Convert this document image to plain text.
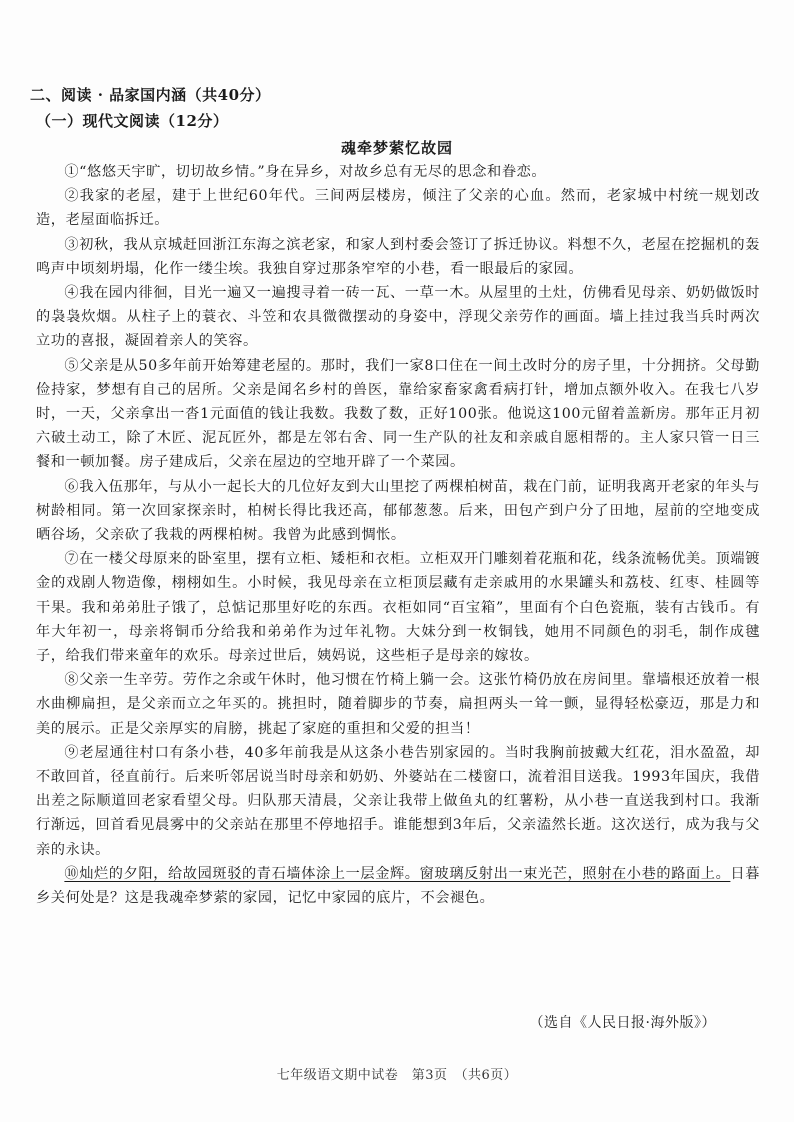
二、阅读 · 品家国内涵（共40分）
（一）现代文阅读（12分）
魂牵梦萦忆故园

①“悠悠天宇旷，切切故乡情。”身在异乡，对故乡总有无尽的思念和眷恋。

②我家的老屋，建于上世纪60年代。三间两层楼房，倾注了父亲的心血。然而，老家城中村统一规划改造，老屋面临拆迁。

③初秋，我从京城赶回浙江东海之滨老家，和家人到村委会签订了拆迁协议。料想不久，老屋在挖掘机的轰鸣声中顷刻坍塌，化作一缕尘埃。我独自穿过那条窄窄的小巷，看一眼最后的家园。

④我在园内徘徊，目光一遍又一遍搜寻着一砖一瓦、一草一木。从屋里的土灶，仿佛看见母亲、奶奶做饭时的袅袅炊烟。从柱子上的蓑衣、斗笠和农具微微摆动的身姿中，浮现父亲劳作的画面。墙上挂过我当兵时两次立功的喜报，凝固着亲人的笑容。

⑤父亲是从50多年前开始筹建老屋的。那时，我们一家8口住在一间土改时分的房子里，十分拥挤。父母勤俭持家，梦想有自己的居所。父亲是闻名乡村的兽医，靠给家畜家禽看病打针，增加点额外收入。在我七八岁时，一天，父亲拿出一沓1元面值的钱让我数。我数了数，正好100张。他说这100元留着盖新房。那年正月初六破土动工，除了木匠、泥瓦匠外，都是左邻右舍、同一生产队的社友和亲戚自愿相帮的。主人家只管一日三餐和一顿加餐。房子建成后，父亲在屋边的空地开辟了一个菜园。

⑥我入伍那年，与从小一起长大的几位好友到大山里挖了两棵柏树苗，栽在门前，证明我离开老家的年头与树龄相同。第一次回家探亲时，柏树长得比我还高，郁郁葱葱。后来，田包产到户分了田地，屋前的空地变成晒谷场，父亲砍了我栽的两棵柏树。我曾为此感到惆怅。

⑦在一楼父母原来的卧室里，摆有立柜、矮柜和衣柜。立柜双开门雕刻着花瓶和花，线条流畅优美。顶端镀金的戏剧人物造像，栩栩如生。小时候，我见母亲在立柜顶层藏有走亲戚用的水果罐头和荔枝、红枣、桂圆等干果。我和弟弟肚子饿了，总惦记那里好吃的东西。衣柜如同“百宝箱”，里面有个白色瓷瓶，装有古钱币。有年大年初一，母亲将铜币分给我和弟弟作为过年礼物。大妹分到一枚铜钱，她用不同颜色的羽毛，制作成毽子，给我们带来童年的欢乐。母亲过世后，姨妈说，这些柜子是母亲的嫁妆。

⑧父亲一生辛劳。劳作之余或午休时，他习惯在竹椅上躺一会。这张竹椅仍放在房间里。靠墙根还放着一根水曲柳扁担，是父亲而立之年买的。挑担时，随着脚步的节奏，扁担两头一耸一颤，显得轻松豪迈，那是力和美的展示。正是父亲厚实的肩膀，挑起了家庭的重担和父爱的担当！

⑨老屋通往村口有条小巷，40多年前我是从这条小巷告别家园的。当时我胸前披戴大红花，泪水盈盈，却不敢回首，径直前行。后来听邻居说当时母亲和奶奶、外婆站在二楼窗口，流着泪目送我。1993年国庆，我借出差之际顺道回老家看望父母。归队那天清晨，父亲让我带上做鱼丸的红薯粉，从小巷一直送我到村口。我渐行渐远，回首看见晨雾中的父亲站在那里不停地招手。谁能想到3年后，父亲溘然长逝。这次送行，成为我与父亲的永诀。

⑩灿烂的夕阳，给故园斑驳的青石墙体涂上一层金辉。窗玻璃反射出一束光芒，照射在小巷的路面上。日暮乡关何处是？这是我魂牵梦萦的家园，记忆中家园的底片，不会褪色。

（选自《人民日报·海外版》）
七年级语文期中试卷　第3页　（共6页）
